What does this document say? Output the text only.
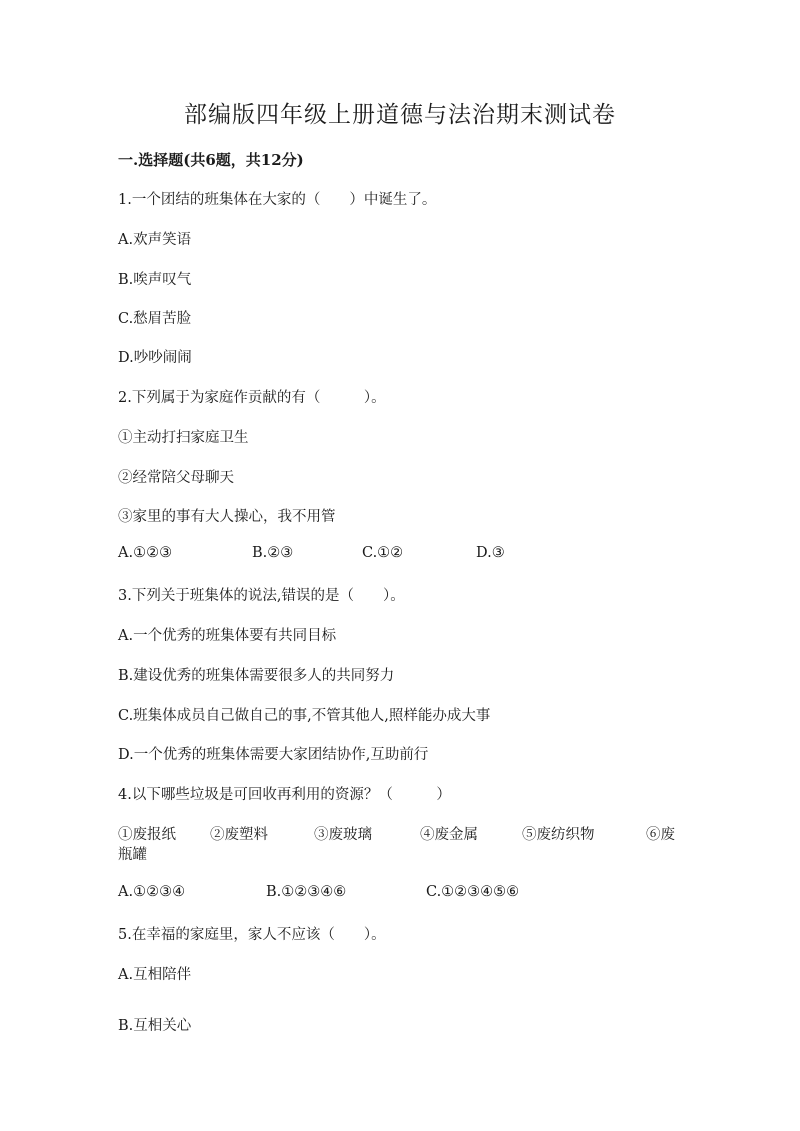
部编版四年级上册道德与法治期末测试卷
一.选择题(共6题，共12分)
1.一个团结的班集体在大家的（　　）中诞生了。
A.欢声笑语
B.唉声叹气
C.愁眉苦脸
D.吵吵闹闹
2.下列属于为家庭作贡献的有（　　　）。
①主动打扫家庭卫生
②经常陪父母聊天
③家里的事有大人操心，我不用管
A.①②③	B.②③	C.①②	D.③
3.下列关于班集体的说法,错误的是（　　）。
A.一个优秀的班集体要有共同目标
B.建设优秀的班集体需要很多人的共同努力
C.班集体成员自己做自己的事,不管其他人,照样能办成大事
D.一个优秀的班集体需要大家团结协作,互助前行
4.以下哪些垃圾是可回收再利用的资源？（　　　）
①废报纸 ②废塑料	③废玻璃	④废金属	⑤废纺织物	⑥废
瓶罐
A.①②③④	B.①②③④⑥	C.①②③④⑤⑥
5.在幸福的家庭里，家人不应该（　　）。
A.互相陪伴
B.互相关心
